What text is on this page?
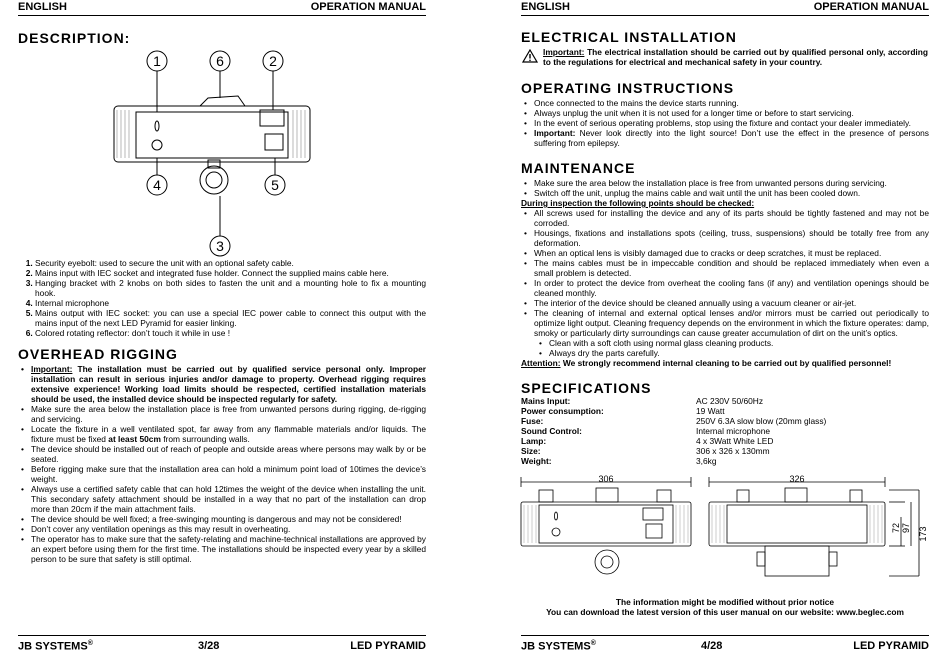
ENGLISH	OPERATION MANUAL
DESCRIPTION:
1	6	2
4	5
3
1. Security eyebolt: used to secure the unit with an optional safety cable.
2. Mains input with IEC socket and integrated fuse holder. Connect the supplied mains cable here.
3. Hanging bracket with 2 knobs on both sides to fasten the unit and a mounting hole to fix a mounting hook.
4. Internal microphone
5. Mains output with IEC socket: you can use a special IEC power cable to connect this output with the mains input of the next LED Pyramid for easier linking.
6. Colored rotating reflector: don’t touch it while in use !
OVERHEAD RIGGING
• Important: The installation must be carried out by qualified service personal only. Improper installation can result in serious injuries and/or damage to property. Overhead rigging requires extensive experience! Working load limits should be respected, certified installation materials should be used, the installed device should be inspected regularly for safety.
• Make sure the area below the installation place is free from unwanted persons during rigging, de-rigging and servicing.
• Locate the fixture in a well ventilated spot, far away from any flammable materials and/or liquids. The fixture must be fixed at least 50cm from surrounding walls.
• The device should be installed out of reach of people and outside areas where persons may walk by or be seated.
• Before rigging make sure that the installation area can hold a minimum point load of 10times the device’s weight.
• Always use a certified safety cable that can hold 12times the weight of the device when installing the unit. This secondary safety attachment should be installed in a way that no part of the installation can drop more than 20cm if the main attachment fails.
• The device should be well fixed; a free-swinging mounting is dangerous and may not be considered!
• Don’t cover any ventilation openings as this may result in overheating.
• The operator has to make sure that the safety-relating and machine-technical installations are approved by an expert before using them for the first time. The installations should be inspected every year by a skilled person to be sure that safety is still optimal.
JB SYSTEMS®	3/28	LED PYRAMID
ENGLISH	OPERATION MANUAL
JB SYSTEMS®	4/28	LED PYRAMID
ELECTRICAL INSTALLATION
Important: The electrical installation should be carried out by qualified personal only, according to the regulations for electrical and mechanical safety in your country.
OPERATING INSTRUCTIONS
• Once connected to the mains the device starts running.
• Always unplug the unit when it is not used for a longer time or before to start servicing.
• In the event of serious operating problems, stop using the fixture and contact your dealer immediately.
• Important: Never look directly into the light source! Don’t use the effect in the presence of persons suffering from epilepsy.
MAINTENANCE
• Make sure the area below the installation place is free from unwanted persons during servicing.
• Switch off the unit, unplug the mains cable and wait until the unit has been cooled down.
During inspection the following points should be checked:
• All screws used for installing the device and any of its parts should be tightly fastened and may not be corroded.
• Housings, fixations and installations spots (ceiling, truss, suspensions) should be totally free from any deformation.
• When an optical lens is visibly damaged due to cracks or deep scratches, it must be replaced.
• The mains cables must be in impeccable condition and should be replaced immediately when even a small problem is detected.
• In order to protect the device from overheat the cooling fans (if any) and ventilation openings should be cleaned monthly.
• The interior of the device should be cleaned annually using a vacuum cleaner or air-jet.
• The cleaning of internal and external optical lenses and/or mirrors must be carried out periodically to optimize light output. Cleaning frequency depends on the environment in which the fixture operates: damp, smoky or particularly dirty surroundings can cause greater accumulation of dirt on the unit’s optics.
• Clean with a soft cloth using normal glass cleaning products.
• Always dry the parts carefully.
Attention: We strongly recommend internal cleaning to be carried out by qualified personnel!
SPECIFICATIONS
Mains Input:	AC 230V 50/60Hz
Power consumption:	19 Watt
Fuse:	250V 6.3A slow blow (20mm glass)
Sound Control:	Internal microphone
Lamp:	4 x 3Watt White LED
Size:	306 x 326 x 130mm
Weight:	3,6kg
306	326
72 97 173
The information might be modified without prior notice
You can download the latest version of this user manual on our website: www.beglec.com
